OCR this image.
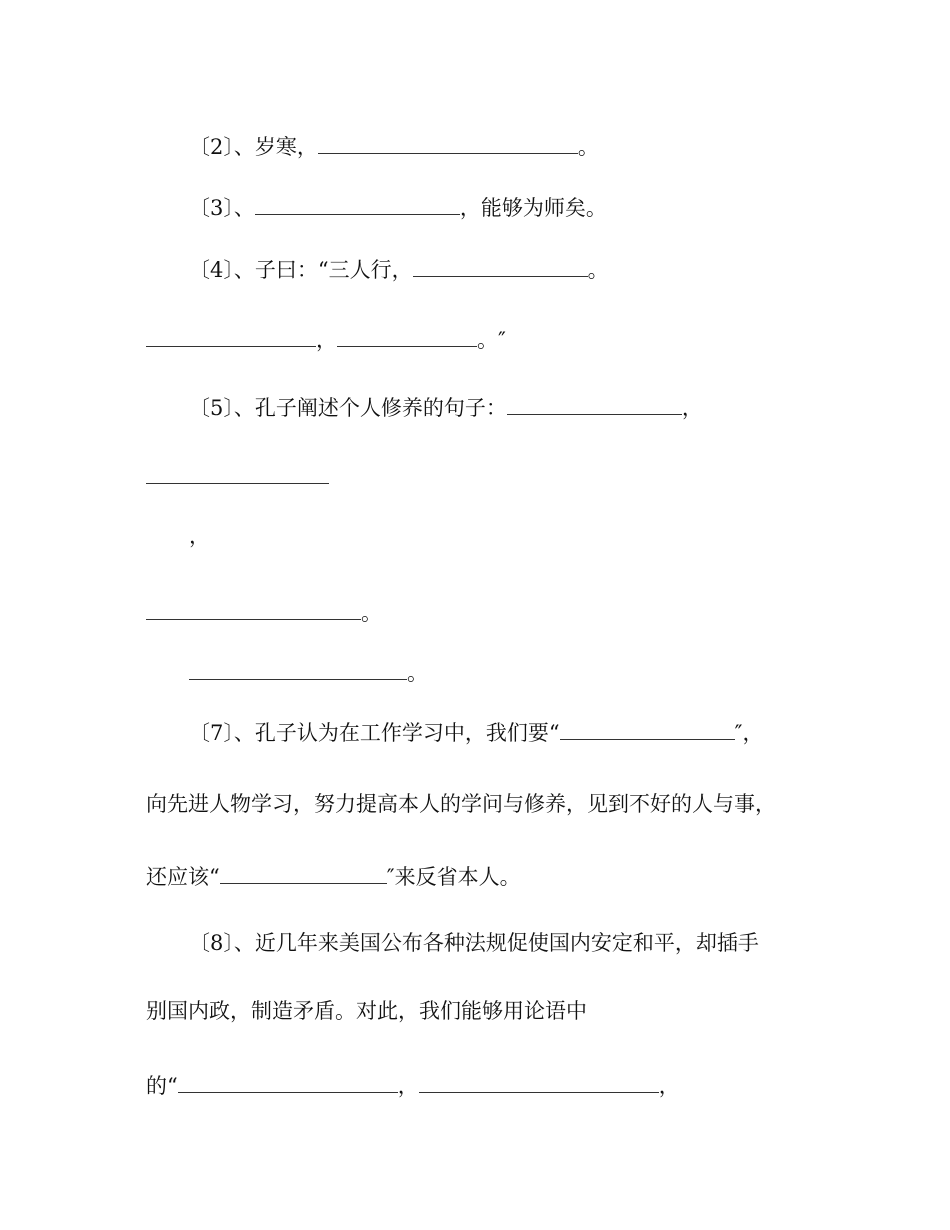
〔2〕、岁寒，	。
〔3〕、	，能够为师矣。
〔4〕、子曰：“三人行，	。
，	。″
〔5〕、孔子阐述个人修养的句子：	，
，
。
。
〔7〕、孔子认为在工作学习中，我们要“	″，
向先进人物学习，努力提高本人的学问与修养，见到不好的人与事，
还应该“	″来反省本人。
〔8〕、近几年来美国公布各种法规促使国内安定和平，却插手
别国内政，制造矛盾。对此，我们能够用论语中
的“	，	，
